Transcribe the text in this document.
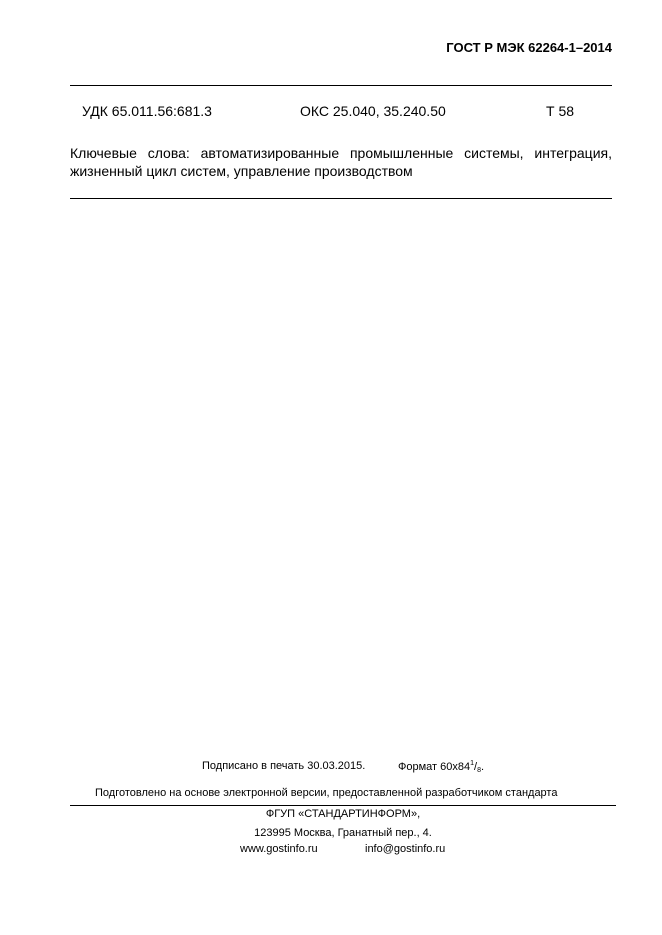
ГОСТ Р МЭК 62264-1–2014
УДК 65.011.56:681.3	ОКС 25.040, 35.240.50	Т 58
Ключевые слова: автоматизированные промышленные системы, интеграция,
жизненный цикл систем, управление производством
Подписано в печать 30.03.2015.	Формат $60х84^1/_8$.
Подготовлено на основе электронной версии, предоставленной разработчиком стандарта
ФГУП «СТАНДАРТИНФОРМ»,
123995 Москва, Гранатный пер., 4.
www.gostinfo.ru	info@gostinfo.ru
